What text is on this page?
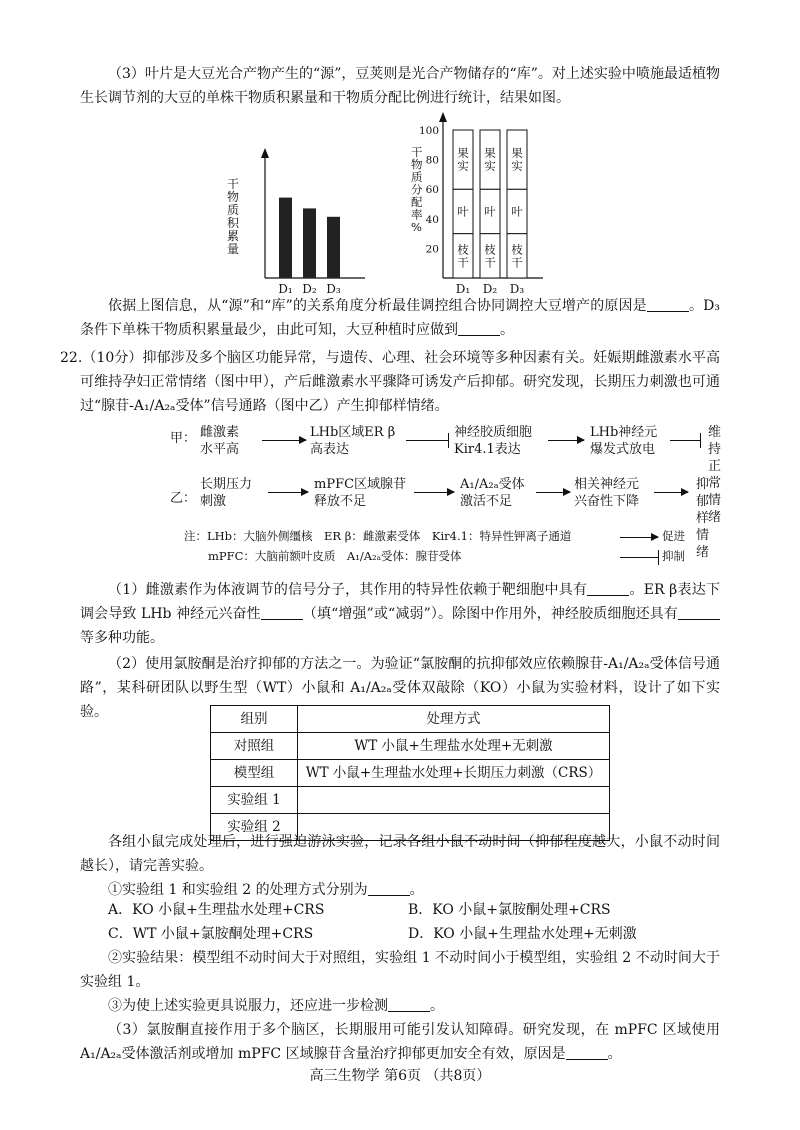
（3）叶片是大豆光合产物产生的“源”，豆荚则是光合产物储存的“库”。对上述实验中喷施最适植物生长调节剂的大豆的单株干物质积累量和干物质分配比例进行统计，结果如图。

干物质积累量
D₁ D₂ D₃
干物质分配率%
20
40
60
80
100
枝干
叶
果实
D₁
枝干
叶
果实
D₂
枝干
叶
果实
D₃

依据上图信息，从“源”和“库”的关系角度分析最佳调控组合协同调控大豆增产的原因是	。D₃条件下单株干物质积累量最少，由此可知，大豆种植时应做到	。

22.（10分）抑郁涉及多个脑区功能异常，与遗传、心理、社会环境等多种因素有关。妊娠期雌激素水平高可维持孕妇正常情绪（图中甲），产后雌激素水平骤降可诱发产后抑郁。研究发现，长期压力刺激也可通过“腺苷-A₁/A₂ₐ受体”信号通路（图中乙）产生抑郁样情绪。

甲：
乙：
雌激素
水平高
LHb区域ER β
高表达
神经胶质细胞
Kir4.1表达
LHb神经元
爆发式放电
维持正
常情绪
长期压力
刺激
mPFC区域腺苷
释放不足
A₁/A₂ₐ受体
激活不足
相关神经元
兴奋性下降
抑郁样
情绪
注：LHb：大脑外侧缰核　ER β：雌激素受体　Kir4.1：特异性钾离子通道
mPFC：大脑前额叶皮质　A₁/A₂ₐ受体：腺苷受体
促进
抑制

（1）雌激素作为体液调节的信号分子，其作用的特异性依赖于靶细胞中具有	。ER β表达下调会导致 LHb 神经元兴奋性	（填“增强”或“减弱”）。除图中作用外，神经胶质细胞还具有等多种功能。

（2）使用氯胺酮是治疗抑郁的方法之一。为验证“氯胺酮的抗抑郁效应依赖腺苷-A₁/A₂ₐ受体信号通路”，某科研团队以野生型（WT）小鼠和 A₁/A₂ₐ受体双敲除（KO）小鼠为实验材料，设计了如下实验。	组别	处理方式
对照组	WT 小鼠+生理盐水处理+无刺激
模型组	WT 小鼠+生理盐水处理+长期压力刺激（CRS）
实验组 1	
实验组 2	

各组小鼠完成处理后，进行强迫游泳实验，记录各组小鼠不动时间（抑郁程度越大，小鼠不动时间越长），请完善实验。

①实验组 1 和实验组 2 的处理方式分别为	。

A．KO 小鼠+生理盐水处理+CRS	B．KO 小鼠+氯胺酮处理+CRS
C．WT 小鼠+氯胺酮处理+CRS	D．KO 小鼠+生理盐水处理+无刺激

②实验结果：模型组不动时间大于对照组，实验组 1 不动时间小于模型组，实验组 2 不动时间大于实验组 1。

③为使上述实验更具说服力，还应进一步检测	。

（3）氯胺酮直接作用于多个脑区，长期服用可能引发认知障碍。研究发现，在 mPFC 区域使用 A₁/A₂ₐ受体激活剂或增加 mPFC 区域腺苷含量治疗抑郁更加安全有效，原因是	。

高三生物学 第6页 （共8页）
